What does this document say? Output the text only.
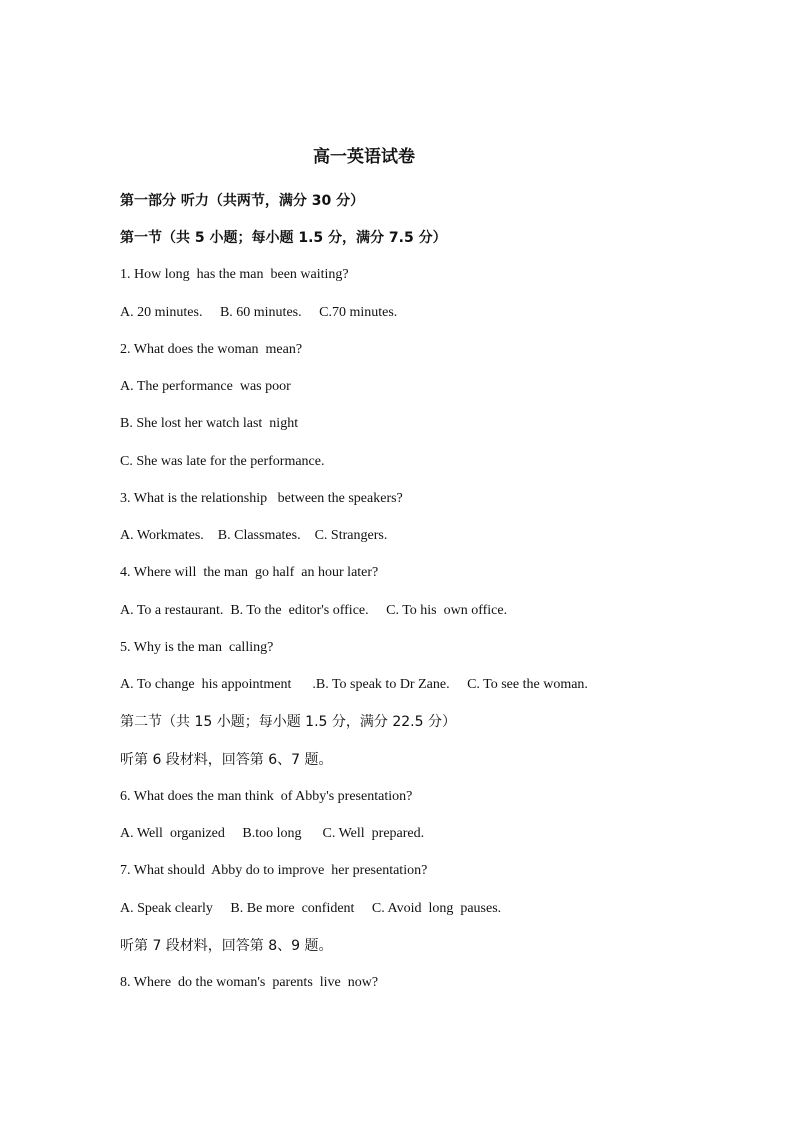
高一英语试卷
第一部分 听力（共两节，满分 30 分）
第一节（共 5 小题；每小题 1.5 分，满分 7.5 分）
1. How long  has the man  been waiting?
A. 20 minutes.     B. 60 minutes.     C.70 minutes.
2. What does the woman  mean?
A. The performance  was poor
B. She lost her watch last  night
C. She was late for the performance.
3. What is the relationship   between the speakers?
A. Workmates.    B. Classmates.    C. Strangers.
4. Where will  the man  go half  an hour later?
A. To a restaurant.  B. To the  editor's office.     C. To his  own office.
5. Why is the man  calling?
A. To change  his appointment      .B. To speak to Dr Zane.     C. To see the woman.
第二节（共 15 小题；每小题 1.5 分，满分 22.5 分）
听第 6 段材料，回答第 6、7 题。
6. What does the man think  of Abby's presentation?
A. Well  organized     B.too long      C. Well  prepared.
7. What should  Abby do to improve  her presentation?
A. Speak clearly     B. Be more  confident     C. Avoid  long  pauses.
听第 7 段材料，回答第 8、9 题。
8. Where  do the woman's  parents  live  now?
